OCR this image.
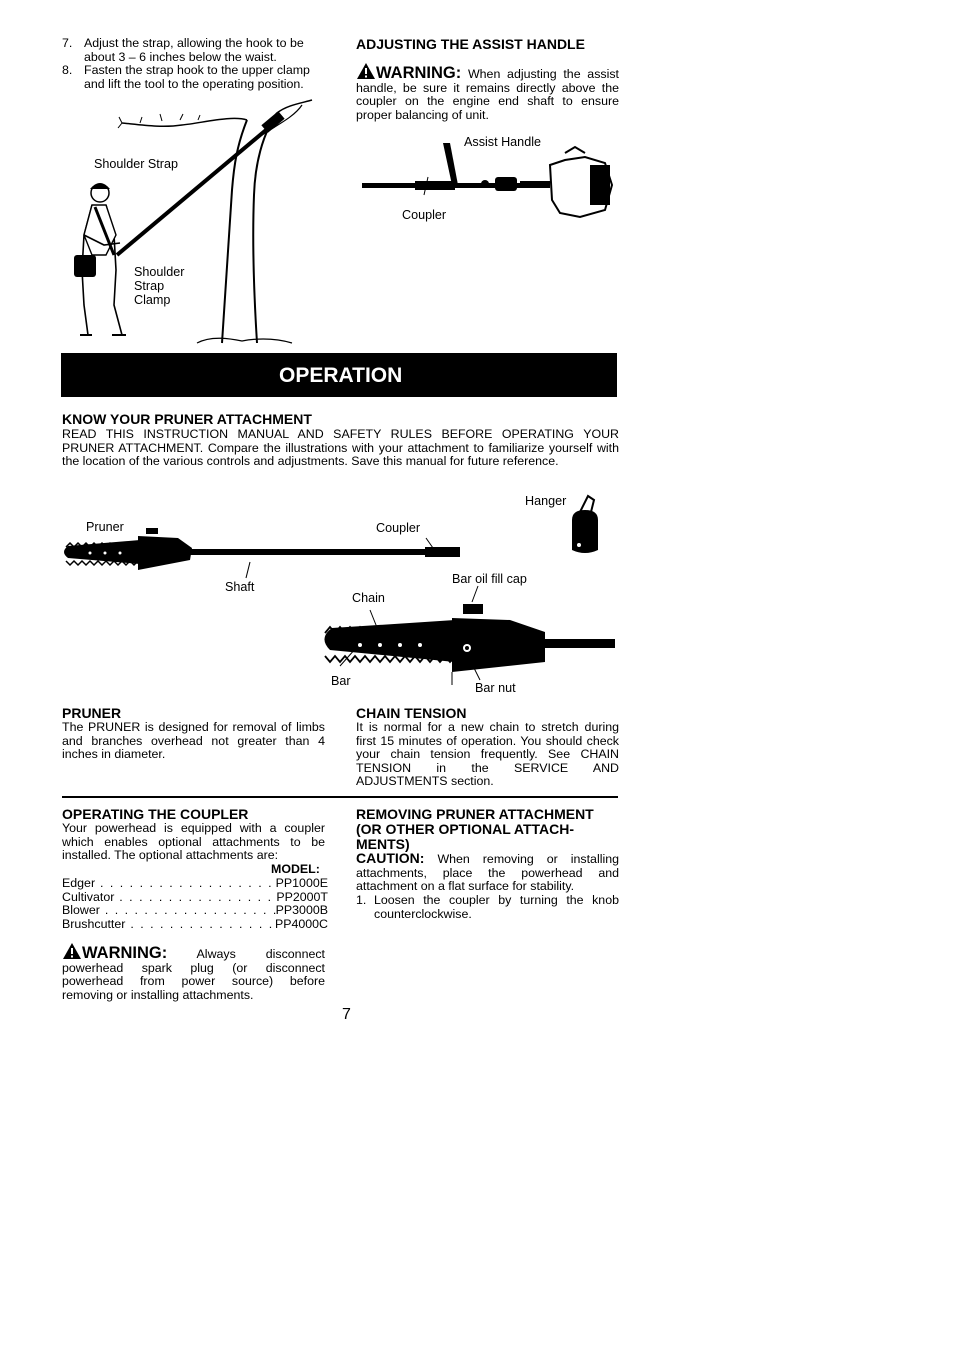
7. Adjust the strap, allowing the hook to be about 3 – 6 inches below the waist.
8. Fasten the strap hook to the upper clamp and lift the tool to the operating position.
Shoulder Strap
Shoulder
Strap
Clamp
ADJUSTING THE ASSIST HANDLE
WARNING: When adjusting the assist handle, be sure it remains directly above the coupler on the engine end shaft to ensure proper balancing of unit.
Assist Handle
Coupler
OPERATION
KNOW YOUR PRUNER ATTACHMENT
READ THIS INSTRUCTION MANUAL AND SAFETY RULES BEFORE OPERATING YOUR PRUNER ATTACHMENT. Compare the illustrations with your attachment to familiarize yourself with the location of the various controls and adjustments. Save this manual for future reference.
Hanger
Pruner	Coupler
Shaft
Bar oil fill cap
Chain
Bar	Bar nut
PRUNER
The PRUNER is designed for removal of limbs and branches overhead not greater than 4 inches in diameter.
CHAIN TENSION
It is normal for a new chain to stretch during first 15 minutes of operation. You should check your chain tension frequently. See CHAIN TENSION in the SERVICE AND ADJUSTMENTS section.
OPERATING THE COUPLER
Your powerhead is equipped with a coupler which enables optional attachments to be installed. The optional attachments are:
MODEL:
Edger . . .	PP1000E
Cultivator . . .	PP2000T
Blower . . .	PP3000B
Brushcutter . . .	PP4000C
WARNING: Always disconnect powerhead spark plug (or disconnect powerhead from power source) before removing or installing attachments.
REMOVING PRUNER ATTACHMENT
(OR OTHER OPTIONAL ATTACH-
MENTS)
CAUTION: When removing or installing attachments, place the powerhead and attachment on a flat surface for stability.
1. Loosen the coupler by turning the knob counterclockwise.
7
